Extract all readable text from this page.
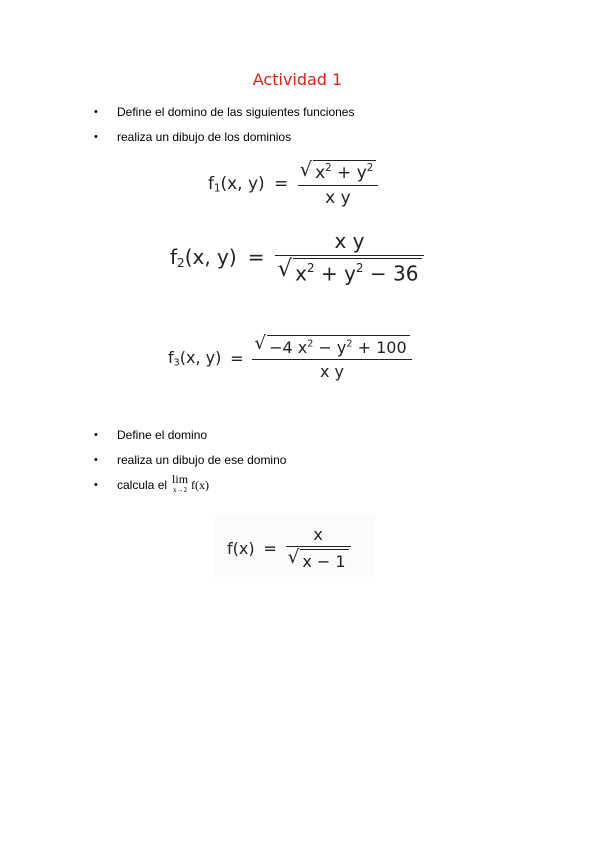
Actividad 1
• Define el domino de las siguientes funciones
• realiza un dibujo de los dominios
$f_1(x$, $y) = \frac{√ x^2 + y^2}{\text{x y}}$
$f_2(x$, $y) = \frac{\text{x y}}{√ x^2 + y^2 - 36}$
$f_3(x$, $y) = \frac{√ -4 x^2 - y^2 + 100}{\text{x y}}$
• Define el domino
• realiza un dibujo de ese domino
• calcula el lim
x→2 f(x)
$f(x) = \frac{x}{√ x - 1}$
